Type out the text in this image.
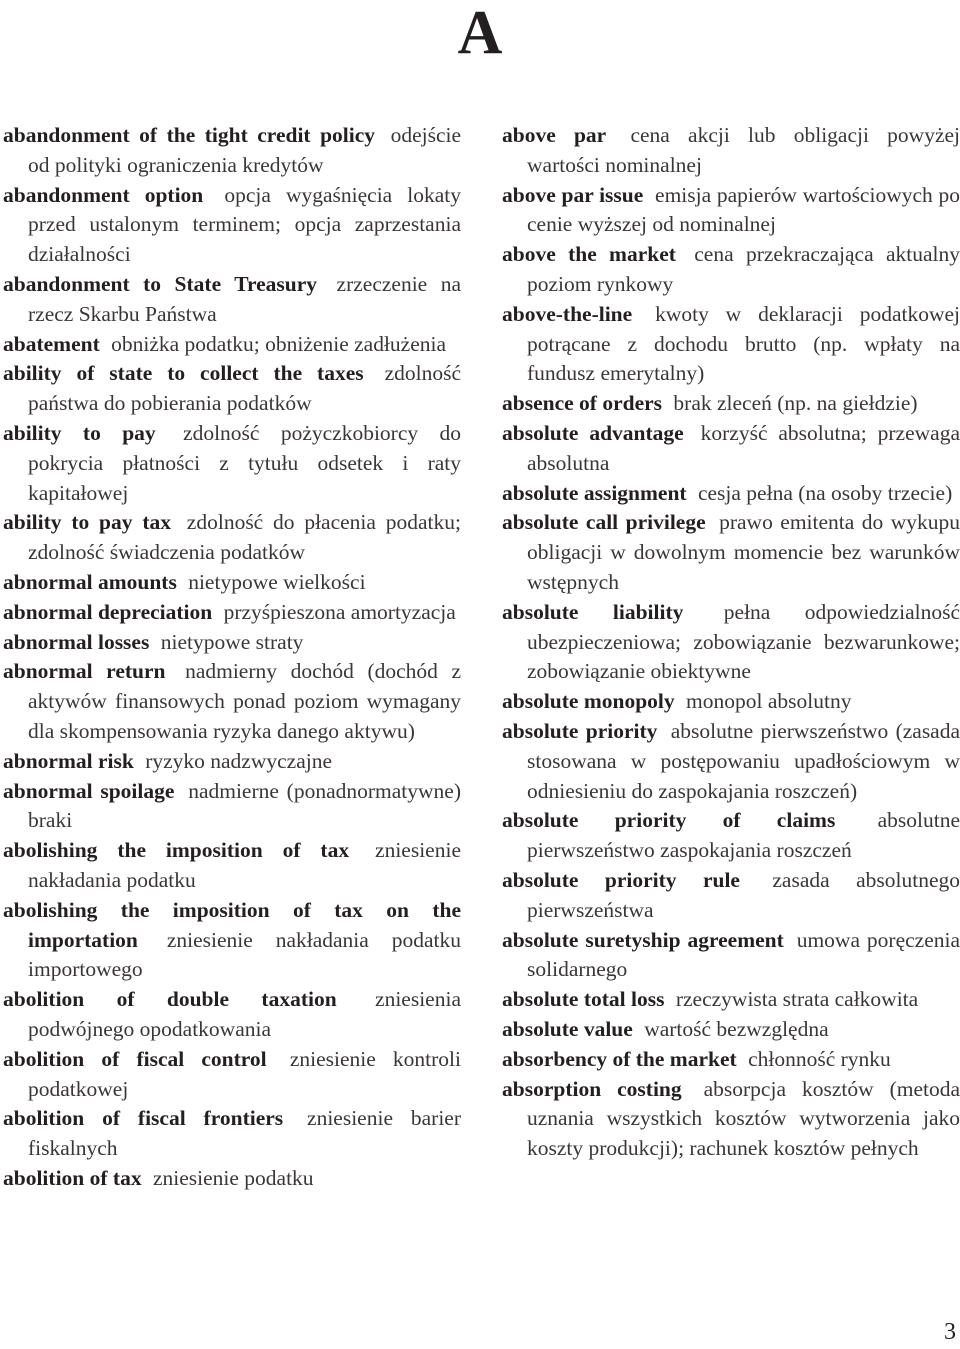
A

abandonment of the tight credit policy odejście od polityki ograniczenia kredytów

abandonment option opcja wygaśnięcia lokaty przed ustalonym terminem; opcja zaprzestania działalności

abandonment to State Treasury zrzeczenie na rzecz Skarbu Państwa

abatement obniżka podatku; obniżenie zadłużenia

ability of state to collect the taxes zdolność państwa do pobierania podatków

ability to pay zdolność pożyczkobiorcy do pokrycia płatności z tytułu odsetek i raty kapitałowej

ability to pay tax zdolność do płacenia podatku; zdolność świadczenia podatków

abnormal amounts nietypowe wielkości

abnormal depreciation przyśpieszona amortyzacja

abnormal losses nietypowe straty

abnormal return nadmierny dochód (dochód z aktywów finansowych ponad poziom wymagany dla skompensowania ryzyka danego aktywu)

abnormal risk ryzyko nadzwyczajne

abnormal spoilage nadmierne (ponadnormatywne) braki

abolishing the imposition of tax zniesienie nakładania podatku

abolishing the imposition of tax on the importation zniesienie nakładania podatku importowego

abolition of double taxation zniesienia podwójnego opodatkowania

abolition of fiscal control zniesienie kontroli podatkowej

abolition of fiscal frontiers zniesienie barier fiskalnych

abolition of tax zniesienie podatku

above par cena akcji lub obligacji powyżej wartości nominalnej

above par issue emisja papierów wartościowych po cenie wyższej od nominalnej

above the market cena przekraczająca aktualny poziom rynkowy

above-the-line kwoty w deklaracji podatkowej potrącane z dochodu brutto (np. wpłaty na fundusz emerytalny)

absence of orders brak zleceń (np. na giełdzie)

absolute advantage korzyść absolutna; przewaga absolutna

absolute assignment cesja pełna (na osoby trzecie)

absolute call privilege prawo emitenta do wykupu obligacji w dowolnym momencie bez warunków wstępnych

absolute liability pełna odpowiedzialność ubezpieczeniowa; zobowiązanie bezwarunkowe; zobowiązanie obiektywne

absolute monopoly monopol absolutny

absolute priority absolutne pierwszeństwo (zasada stosowana w postępowaniu upadłościowym w odniesieniu do zaspokajania roszczeń)

absolute priority of claims absolutne pierwszeństwo zaspokajania roszczeń

absolute priority rule zasada absolutnego pierwszeństwa

absolute suretyship agreement umowa poręczenia solidarnego

absolute total loss rzeczywista strata całkowita

absolute value wartość bezwzględna

absorbency of the market chłonność rynku

absorption costing absorpcja kosztów (metoda uznania wszystkich kosztów wytworzenia jako koszty produkcji); rachunek kosztów pełnych

3
